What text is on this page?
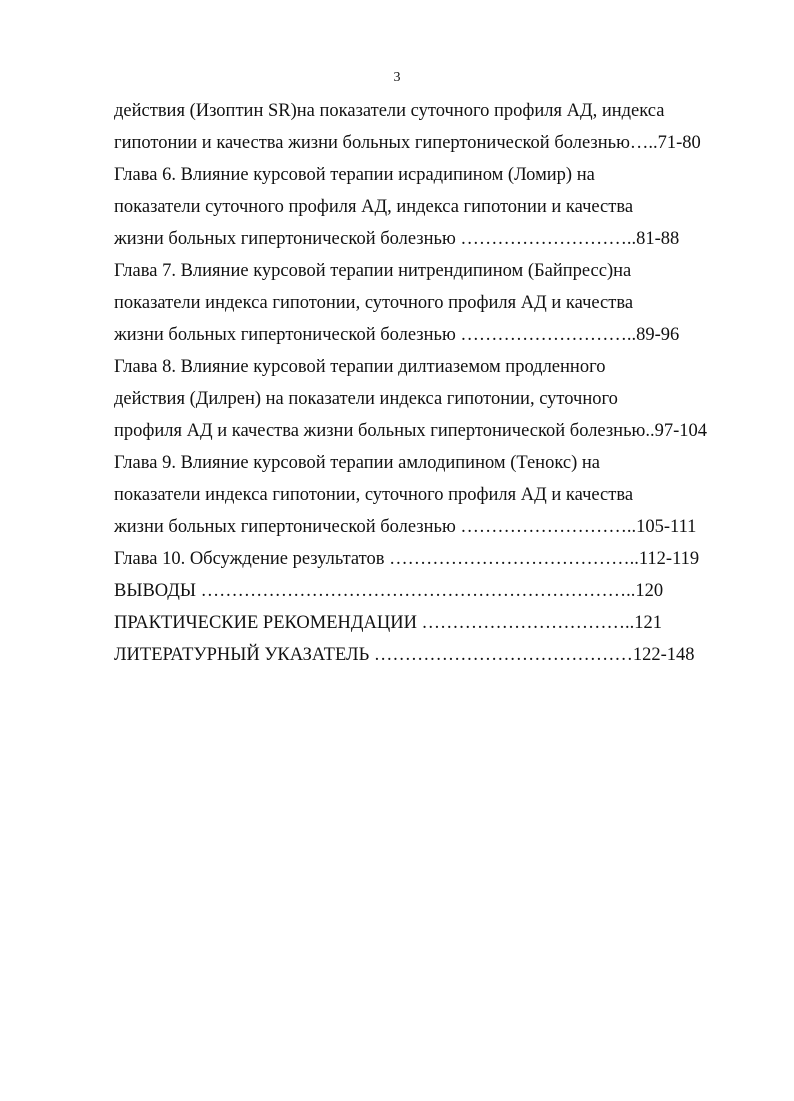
3

действия (Изоптин SR)на показатели суточного профиля АД, индекса

гипотонии и качества жизни больных гипертонической болезнью…..71-80

Глава 6. Влияние курсовой терапии исрадипином (Ломир) на

показатели суточного профиля АД, индекса гипотонии и качества

жизни больных гипертонической болезнью ………………………..81-88

Глава 7. Влияние курсовой терапии нитрендипином (Байпресс)на

показатели индекса гипотонии, суточного профиля АД и качества

жизни больных гипертонической болезнью ………………………..89-96

Глава 8. Влияние курсовой терапии дилтиаземом продленного

действия (Дилрен) на показатели индекса гипотонии, суточного

профиля АД и качества жизни больных гипертонической болезнью..97-104

Глава 9. Влияние курсовой терапии амлодипином (Тенокс) на

показатели индекса гипотонии, суточного профиля АД и качества

жизни больных гипертонической болезнью ………………………..105-111

Глава 10. Обсуждение результатов …………………………………..112-119

ВЫВОДЫ ……………………………………………………………..120

ПРАКТИЧЕСКИЕ РЕКОМЕНДАЦИИ ……………………………..121

ЛИТЕРАТУРНЫЙ УКАЗАТЕЛЬ ……………………………………122-148
